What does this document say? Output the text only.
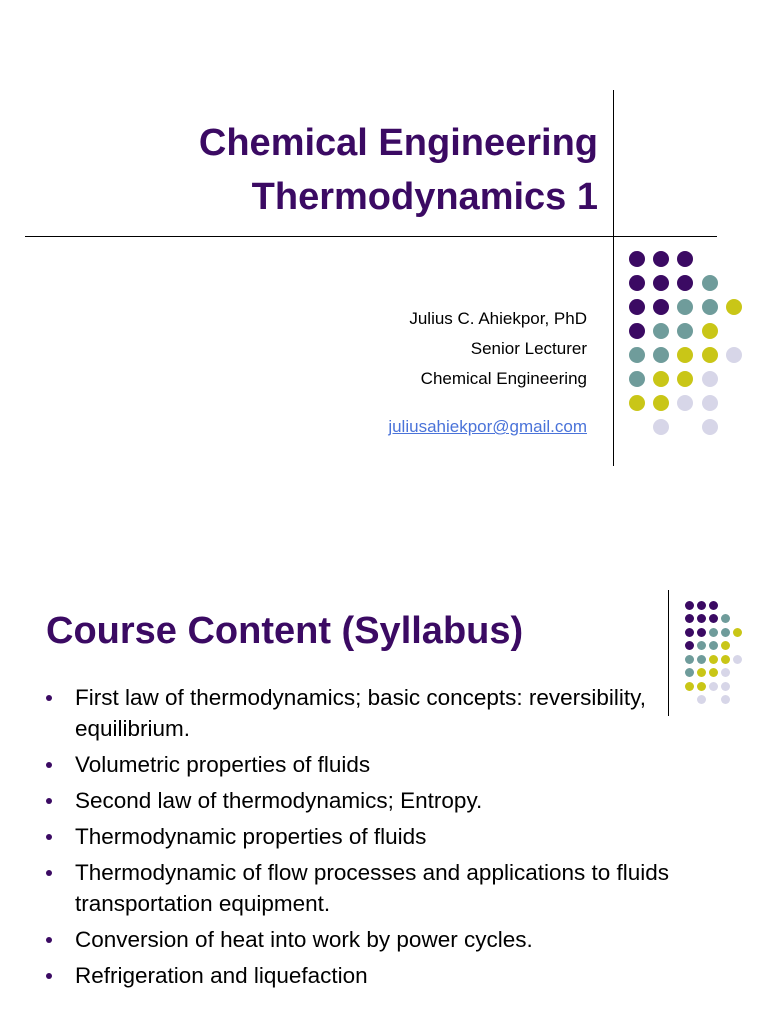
Chemical Engineering
Thermodynamics 1
Julius C. Ahiekpor, PhD
Senior Lecturer
Chemical Engineering
juliusahiekpor@gmail.com
Course Content (Syllabus)
First law of thermodynamics; basic concepts: reversibility, equilibrium.
Volumetric properties of fluids
Second law of thermodynamics; Entropy.
Thermodynamic properties of fluids
Thermodynamic of flow processes and applications to fluids transportation equipment.
Conversion of heat into work by power cycles.
Refrigeration and liquefaction
